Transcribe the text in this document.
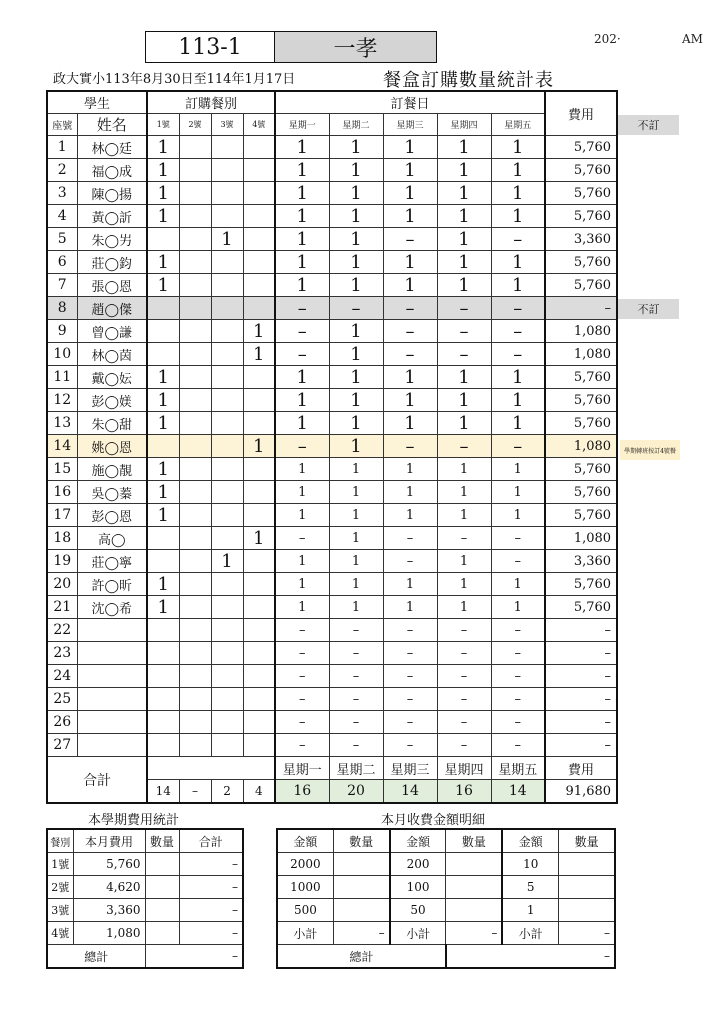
202·	AM
113-1	一孝
政大實小113年8月30日至114年1月17日	餐盒訂購數量統計表
學生		訂購餐別				訂餐日					費用
座號	姓名	1號	2號	3號	4號	星期一	星期二	星期三	星期四	星期五	
1	林◯廷	1				1	1	1	1	1	5,760
2	福◯成	1				1	1	1	1	1	5,760
3	陳◯揚	1				1	1	1	1	1	5,760
4	黃◯訢	1				1	1	1	1	1	5,760
5	朱◯屴			1		1	1	–	1	–	3,360
6	莊◯鈞	1				1	1	1	1	1	5,760
7	張◯恩	1				1	1	1	1	1	5,760
8	趙◯傑					–	–	–	–	–	–
9	曾◯謙				1	–	1	–	–	–	1,080
10	林◯茵				1	–	1	–	–	–	1,080
11	戴◯妘	1				1	1	1	1	1	5,760
12	彭◯媄	1				1	1	1	1	1	5,760
13	朱◯甜	1				1	1	1	1	1	5,760
14	姚◯恩				1	–	1	–	–	–	1,080
15	施◯靚	1				1	1	1	1	1	5,760
16	吳◯蓁	1				1	1	1	1	1	5,760
17	彭◯恩	1				1	1	1	1	1	5,760
18	高◯				1	–	1	–	–	–	1,080
19	莊◯寧			1		1	1	–	1	–	3,360
20	許◯昕	1				1	1	1	1	1	5,760
21	沈◯希	1				1	1	1	1	1	5,760
22						–	–	–	–	–	–
23						–	–	–	–	–	–
24						–	–	–	–	–	–
25						–	–	–	–	–	–
26						–	–	–	–	–	–
27						–	–	–	–	–	–
合計						星期一	星期二	星期三	星期四	星期五	費用
		14	–	2	4	16	20	14	16	14	91,680
不訂
不訂
學期轉班按訂4號餐
本學期費用統計	本月收費金額明細
餐別	本月費用	數量	合計
1號	5,760		–
2號	4,620		–
3號	3,360		–
4號	1,080		–
總計		–	
金額	數量	金額	數量	金額	數量
2000		200		10	
1000		100		5	
500		50		1	
小計	–	小計	–	小計	–
總計			–		
